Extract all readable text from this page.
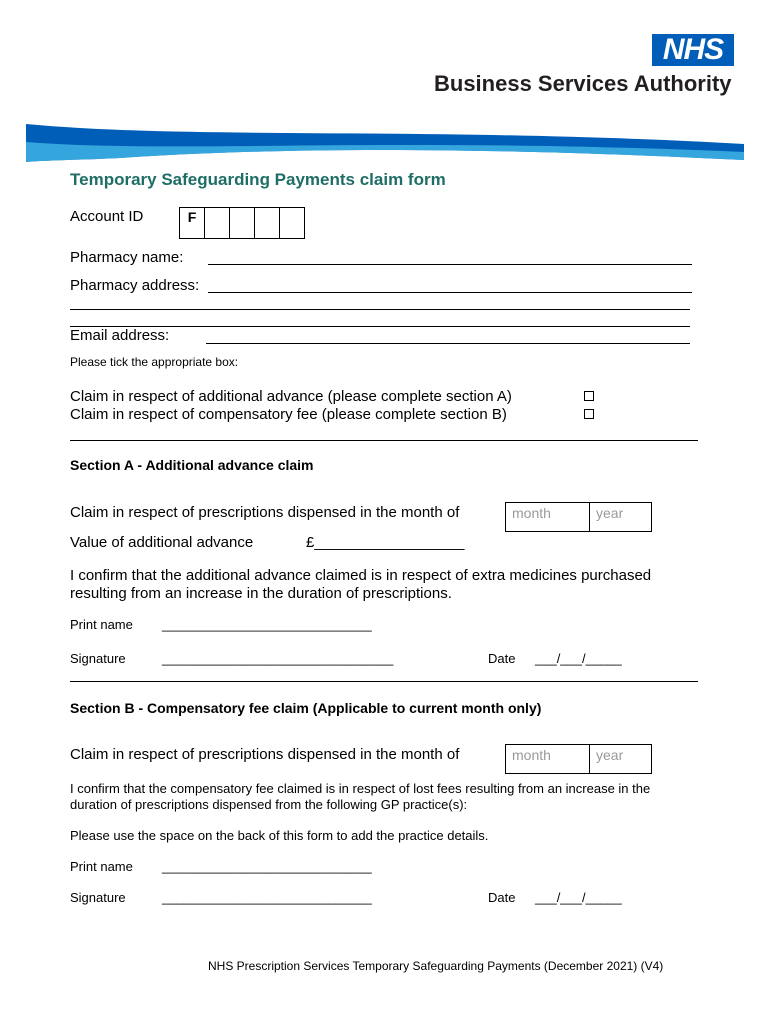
NHS
Business Services Authority
Temporary Safeguarding Payments claim form
Account ID	F
Pharmacy name:
Pharmacy address:
Email address:
Please tick the appropriate box:
Claim in respect of additional advance (please complete section A)
Claim in respect of compensatory fee (please complete section B)
Section A - Additional advance claim
Claim in respect of prescriptions dispensed in the month of	month	year
Value of additional advance	£__________________
I confirm that the additional advance claimed is in respect of extra medicines purchased resulting from an increase in the duration of prescriptions.
Print name _____________________________
Signature	________________________________	Date ___/___/_____
Section B - Compensatory fee claim (Applicable to current month only)
Claim in respect of prescriptions dispensed in the month of	month	year
I confirm that the compensatory fee claimed is in respect of lost fees resulting from an increase in the duration of prescriptions dispensed from the following GP practice(s):
Please use the space on the back of this form to add the practice details.
Print name _____________________________
Signature	_____________________________	Date ___/___/_____
NHS Prescription Services Temporary Safeguarding Payments (December 2021) (V4)
